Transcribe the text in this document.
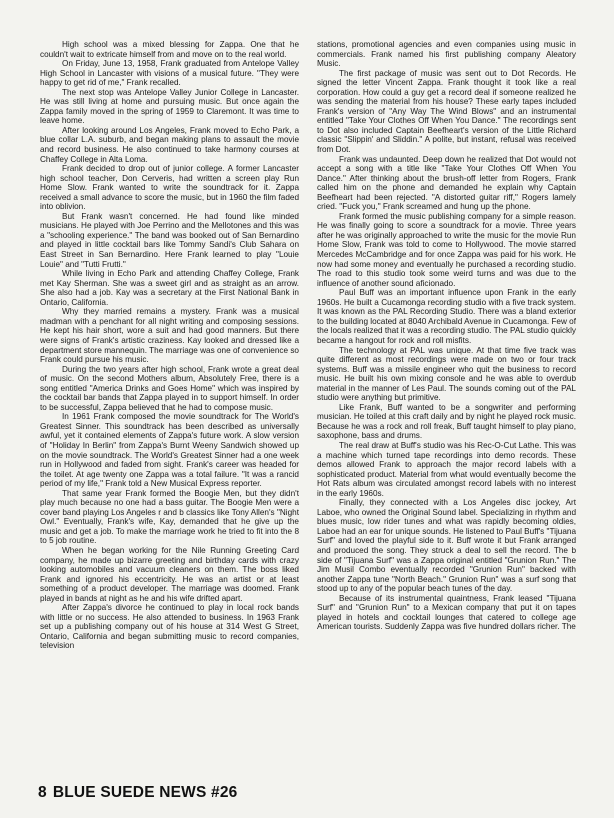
High school was a mixed blessing for Zappa. One that he couldn't wait to extricate himself from and move on to the real world.

On Friday, June 13, 1958, Frank graduated from Antelope Valley High School in Lancaster with visions of a musical future. "They were happy to get rid of me," Frank recalled.

The next stop was Antelope Valley Junior College in Lancaster. He was still living at home and pursuing music. But once again the Zappa family moved in the spring of 1959 to Claremont. It was time to leave home.

After looking around Los Angeles, Frank moved to Echo Park, a blue collar L.A. suburb, and began making plans to assault the movie and record business. He also continued to take harmony courses at Chaffey College in Alta Loma.

Frank decided to drop out of junior college. A former Lancaster high school teacher, Don Cerveris, had written a screen play Run Home Slow. Frank wanted to write the soundtrack for it. Zappa received a small advance to score the music, but in 1960 the film faded into oblivion.

But Frank wasn't concerned. He had found like minded musicians. He played with Joe Perrino and the Mellotones and this was a "schooling experience." The band was booked out of San Bernardino and played in little cocktail bars like Tommy Sandi's Club Sahara on East Street in San Bernardino. Here Frank learned to play "Louie Louie" and "Tutti Frutti."

While living in Echo Park and attending Chaffey College, Frank met Kay Sherman. She was a sweet girl and as straight as an arrow. She also had a job. Kay was a secretary at the First National Bank in Ontario, California.

Why they married remains a mystery. Frank was a musical madman with a penchant for all night writing and composing sessions. He kept his hair short, wore a suit and had good manners. But there were signs of Frank's artistic craziness. Kay looked and dressed like a department store mannequin. The marriage was one of convenience so Frank could pursue his music.

During the two years after high school, Frank wrote a great deal of music. On the second Mothers album, Absolutely Free, there is a song entitled "America Drinks and Goes Home" which was inspired by the cocktail bar bands that Zappa played in to support himself. In order to be successful, Zappa believed that he had to compose music.

In 1961 Frank composed the movie soundtrack for The World's Greatest Sinner. This soundtrack has been described as universally awful, yet it contained elements of Zappa's future work. A slow version of "Holiday In Berlin" from Zappa's Burnt Weeny Sandwich showed up on the movie soundtrack. The World's Greatest Sinner had a one week run in Hollywood and faded from sight. Frank's career was headed for the toilet. At age twenty one Zappa was a total failure. "It was a rancid period of my life," Frank told a New Musical Express reporter.

That same year Frank formed the Boogie Men, but they didn't play much because no one had a bass guitar. The Boogie Men were a cover band playing Los Angeles r and b classics like Tony Allen's "Night Owl." Eventually, Frank's wife, Kay, demanded that he give up the music and get a job. To make the marriage work he tried to fit into the 8 to 5 job routine.

When he began working for the Nile Running Greeting Card company, he made up bizarre greeting and birthday cards with crazy looking automobiles and vacuum cleaners on them. The boss liked Frank and ignored his eccentricity. He was an artist or at least something of a product developer. The marriage was doomed. Frank played in bands at night as he and his wife drifted apart.

After Zappa's divorce he continued to play in local rock bands with little or no success. He also attended to business. In 1963 Frank set up a publishing company out of his house at 314 West G Street, Ontario, California and began submitting music to record companies, television

stations, promotional agencies and even companies using music in commercials. Frank named his first publishing company Aleatory Music.

The first package of music was sent out to Dot Records. He signed the letter Vincent Zappa. Frank thought it took like a real corporation. How could a guy get a record deal if someone realized he was sending the material from his house? These early tapes included Frank's version of "Any Way The Wind Blows" and an instrumental entitled "Take Your Clothes Off When You Dance." The recordings sent to Dot also included Captain Beefheart's version of the Little Richard classic "Slippin' and Sliddin." A polite, but instant, refusal was received from Dot.

Frank was undaunted. Deep down he realized that Dot would not accept a song with a title like "Take Your Clothes Off When You Dance." After thinking about the brush-off letter from Rogers, Frank called him on the phone and demanded he explain why Captain Beefheart had been rejected. "A distorted guitar riff," Rogers lamely cried. "Fuck you," Frank screamed and hung up the phone.

Frank formed the music publishing company for a simple reason. He was finally going to score a soundtrack for a movie. Three years after he was originally approached to write the music for the movie Run Home Slow, Frank was told to come to Hollywood. The movie starred Mercedes McCambridge and for once Zappa was paid for his work. He now had some money and eventually he purchased a recording studio. The road to this studio took some weird turns and was due to the influence of another sound aficionado.

Paul Buff was an important influence upon Frank in the early 1960s. He built a Cucamonga recording studio with a five track system. It was known as the PAL Recording Studio. There was a bland exterior to the building located at 8040 Archibald Avenue in Cucamonga. Few of the locals realized that it was a recording studio. The PAL studio quickly became a hangout for rock and roll misfits.

The technology at PAL was unique. At that time five track was quite different as most recordings were made on two or four track systems. Buff was a missile engineer who quit the business to record music. He built his own mixing console and he was able to overdub material in the manner of Les Paul. The sounds coming out of the PAL studio were anything but primitive.

Like Frank, Buff wanted to be a songwriter and performing musician. He toiled at this craft daily and by night he played rock music. Because he was a rock and roll freak, Buff taught himself to play piano, saxophone, bass and drums.

The real draw at Buff's studio was his Rec-O-Cut Lathe. This was a machine which turned tape recordings into demo records. These demos allowed Frank to approach the major record labels with a sophisticated product. Material from what would eventually become the Hot Rats album was circulated amongst record labels with no interest in the early 1960s.

Finally, they connected with a Los Angeles disc jockey, Art Laboe, who owned the Original Sound label. Specializing in rhythm and blues music, low rider tunes and what was rapidly becoming oldies, Laboe had an ear for unique sounds. He listened to Paul Buff's "Tijuana Surf" and loved the playful side to it. Buff wrote it but Frank arranged and produced the song. They struck a deal to sell the record. The b side of "Tijuana Surf" was a Zappa original entitled "Grunion Run." The Jim Musil Combo eventually recorded "Grunion Run" backed with another Zappa tune "North Beach." Grunion Run" was a surf song that stood up to any of the popular beach tunes of the day.

Because of its instrumental quaintness, Frank leased "Tijuana Surf" and "Grunion Run" to a Mexican company that put it on tapes played in hotels and cocktail lounges that catered to college age American tourists. Suddenly Zappa was five hundred dollars richer. The

8 BLUE SUEDE NEWS #26
